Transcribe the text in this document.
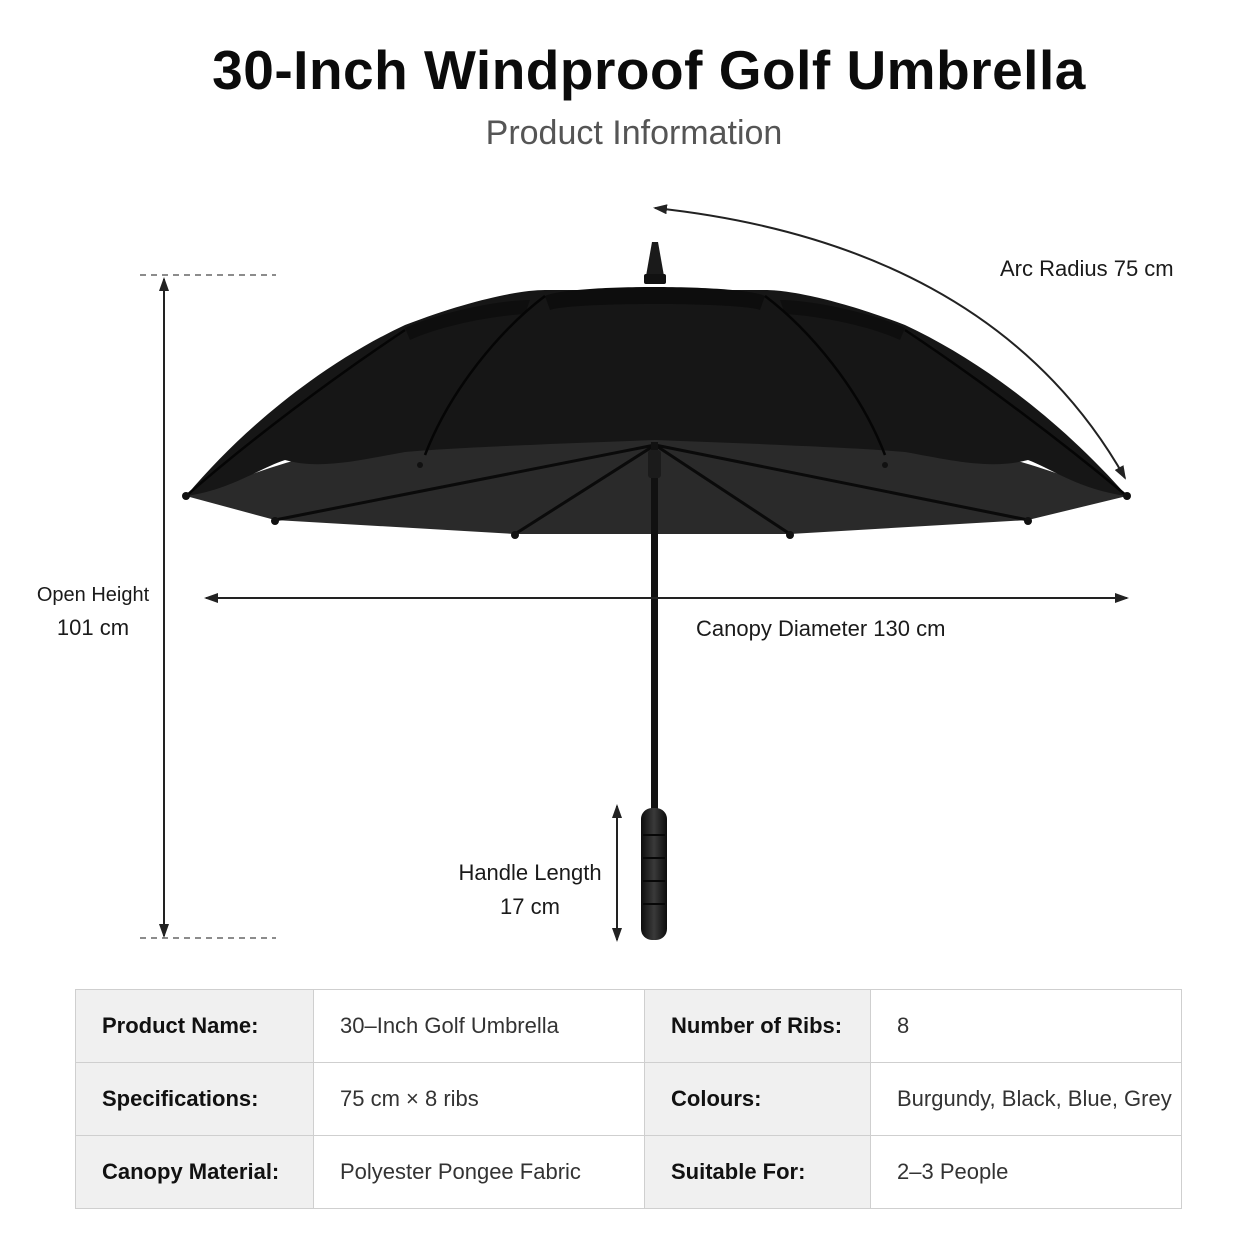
30-Inch Windproof Golf Umbrella
Product Information
Arc Radius 75 cm
Canopy Diameter 130 cm
Open Height
101 cm
Handle Length
17 cm
Product Name:	30–Inch Golf Umbrella	Number of Ribs:	8
Specifications:	75 cm × 8 ribs	Colours:	Burgundy, Black, Blue, Grey
Canopy Material:	Polyester Pongee Fabric	Suitable For:	2–3 People
